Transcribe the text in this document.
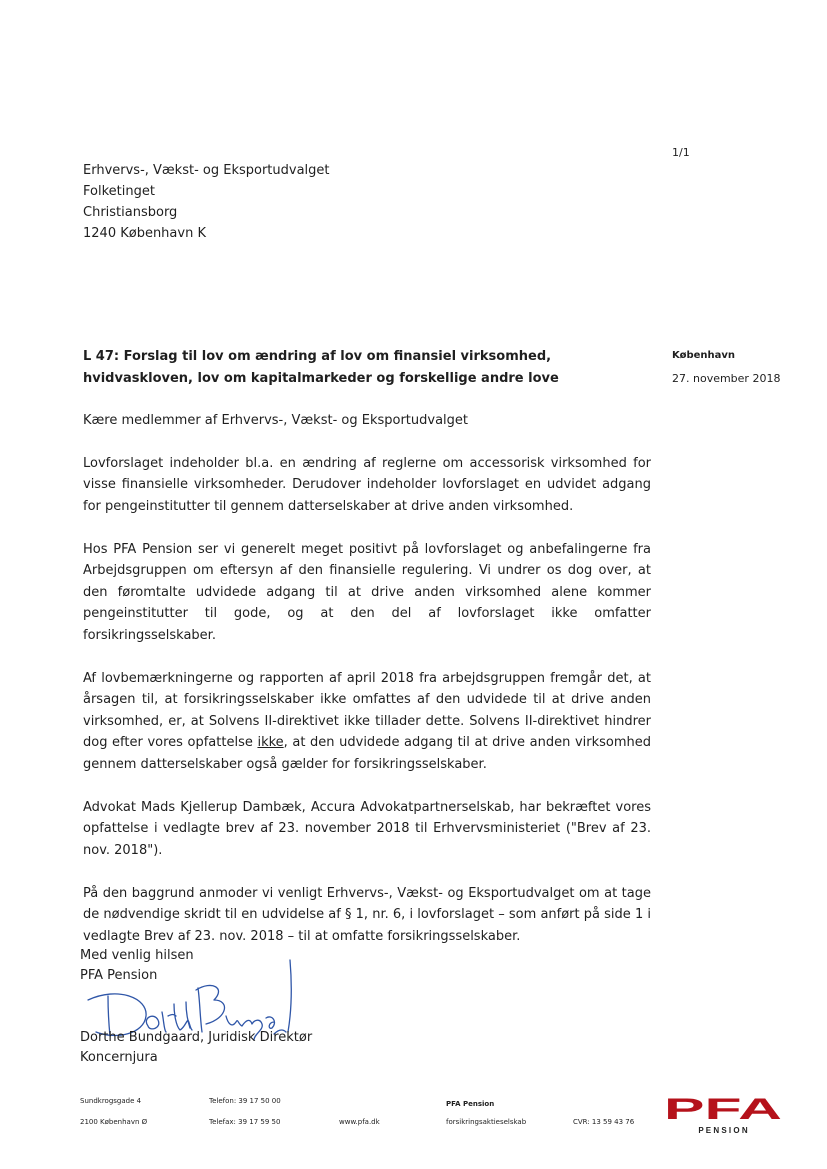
1/1
Erhvervs-, Vækst- og Eksportudvalget
Folketinget
Christiansborg
1240 København K
L 47: Forslag til lov om ændring af lov om finansiel virksomhed, hvidvaskloven, lov om kapitalmarkeder og forskellige andre love
København
27. november 2018

Kære medlemmer af Erhvervs-, Vækst- og Eksportudvalget

Lovforslaget indeholder bl.a. en ændring af reglerne om accessorisk virksomhed for visse finansielle virksomheder. Derudover indeholder lovforslaget en udvidet adgang for pengeinstitutter til gennem datterselskaber at drive anden virksomhed.

Hos PFA Pension ser vi generelt meget positivt på lovforslaget og anbefalingerne fra Arbejdsgruppen om eftersyn af den finansielle regulering. Vi undrer os dog over, at den føromtalte udvidede adgang til at drive anden virksomhed alene kommer pengeinstitutter til gode, og at den del af lovforslaget ikke omfatter forsikringsselskaber.

Af lovbemærkningerne og rapporten af april 2018 fra arbejdsgruppen fremgår det, at årsagen til, at forsikringsselskaber ikke omfattes af den udvidede til at drive anden virksomhed, er, at Solvens II-direktivet ikke tillader dette. Solvens II-direktivet hindrer dog efter vores opfattelse ikke, at den udvidede adgang til at drive anden virksomhed gennem datterselskaber også gælder for forsikringsselskaber.

Advokat Mads Kjellerup Dambæk, Accura Advokatpartnerselskab, har bekræftet vores opfattelse i vedlagte brev af 23. november 2018 til Erhvervsministeriet ("Brev af 23. nov. 2018").

På den baggrund anmoder vi venligt Erhvervs-, Vækst- og Eksportudvalget om at tage de nødvendige skridt til en udvidelse af § 1, nr. 6, i lovforslaget – som anført på side 1 i vedlagte Brev af 23. nov. 2018 – til at omfatte forsikringsselskaber.

Med venlig hilsen
PFA Pension
Dorthe Bundgaard, Juridisk Direktør
Koncernjura
Sundkrogsgade 4
2100 København Ø
Telefon: 39 17 50 00
Telefax: 39 17 59 50	www.pfa.dk
PFA Pension
forsikringsaktieselskab	CVR: 13 59 43 76 PFA
P E N S I O N
